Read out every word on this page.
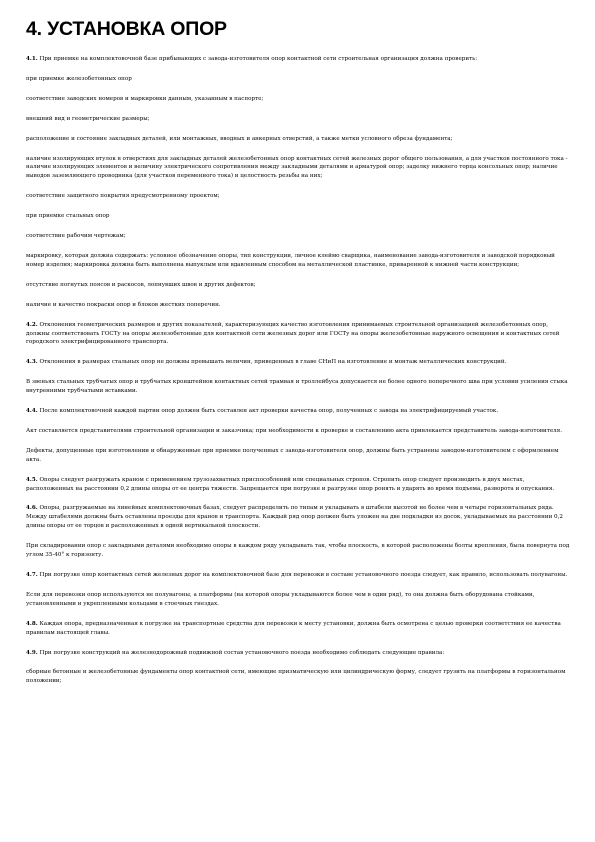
4. УСТАНОВКА ОПОР

4.1. При приемке на комплектовочной базе прибывающих с завода-изготовителя опор контактной сети строительная организация должна проверить:

при приемке железобетонных опор

соответствие заводских номеров и маркировки данным, указанным в паспорте;

внешний вид и геометрические размеры;

расположение и состояние закладных деталей, или монтажных, вводных и анкерных отверстий, а также метки условного обреза фундамента;

наличие изолирующих втулок в отверстиях для закладных деталей железобетонных опор контактных сетей железных дорог общего пользования, а для участков постоянного тока - наличие изолирующих элементов и величину электрического сопротивления между закладными деталями и арматурой опор; заделку нижнего торца консольных опор; наличие выводов заземляющего проводника (для участков переменного тока) и целостность резьбы на них;

соответствие защитного покрытия предусмотренному проектом;

при приемке стальных опор

соответствие рабочим чертежам;

маркировку, которая должна содержать: условное обозначение опоры, тип конструкции, личное клеймо сварщика, наименование завода-изготовителя и заводской порядковый номер изделия; маркировка должна быть выполнена выпуклым или вдавленным способом на металлической пластинке, приваренной к нижней части конструкции;

отсутствие погнутых поясов и раскосов, лопнувших швов и других дефектов;

наличие и качество покраски опор и блоков жестких поперечин.

4.2. Отклонения геометрических размеров и других показателей, характеризующих качество изготовления принимаемых строительной организацией железобетонных опор, должны соответствовать ГОСТу на опоры железобетонные для контактной сети железных дорог или ГОСТу на опоры железобетонные наружного освещения и контактных сетей городского электрифицированного транспорта.

4.3. Отклонения в размерах стальных опор не должны превышать величин, приведенных в главе СНиП на изготовление и монтаж металлических конструкций.

В звеньях стальных трубчатых опор и трубчатых кронштейнов контактных сетей трамвая и троллейбуса допускается не более одного поперечного шва при условии усиления стыка внутренними трубчатыми вставками.

4.4. После комплектовочной каждой партии опор должен быть составлен акт проверки качества опор, полученных с завода на электрифицируемый участок.

Акт составляется представителями строительной организации и заказчика; при необходимости к проверке и составлению акта привлекается представитель завода-изготовителя.

Дефекты, допущенные при изготовлении и обнаруженные при приемке полученных с завода-изготовителя опор, должны быть устранены заводом-изготовителем с оформлением акта.

4.5. Опоры следует разгружать краном с применением грузозахватных приспособлений или специальных стропов. Стропить опор следует производить в двух местах, расположенных на расстоянии 0,2 длины опоры от ее центра тяжести. Запрещается при погрузке и разгрузке опор ронять и ударять во время подъема, разворота и опускания.

4.6. Опоры, разгружаемые на линейных комплектовочных базах, следует распределить по типам и укладывать в штабели высотой не более чем в четыре горизонтальных ряда. Между штабелями должны быть оставлены проезды для кранов и транспорта. Каждый ряд опор должен быть уложен на две подкладки из досок, укладываемых на расстоянии 0,2 длины опоры от ее торцов и расположенных в одной вертикальной плоскости.

При складировании опор с закладными деталями необходимо опоры в каждом ряду укладывать так, чтобы плоскость, в которой расположены болты крепления, была повернута под углом 35-40° к горизонту.

4.7. При погрузке опор контактных сетей железных дорог на комплектовочной базе для перевозки в составе установочного поезда следует, как правило, использовать полувагоны.

Если для перевозки опор используются не полувагоны, а платформы (на которой опоры укладываются более чем в один ряд), то она должна быть оборудована стойками, установленными и укрепленными кольцами в стоечных гнездах.

4.8. Каждая опора, предназначенная к погрузке на транспортные средства для перевозки к месту установки, должна быть осмотрена с целью проверки соответствия ее качества правилам настоящей главы.

4.9. При погрузке конструкций на железнодорожный подвижной состав установочного поезда необходимо соблюдать следующие правила:

сборные бетонные и железобетонные фундаменты опор контактной сети, имеющие призматическую или цилиндрическую форму, следует грузить на платформы в горизонтальном положении;
